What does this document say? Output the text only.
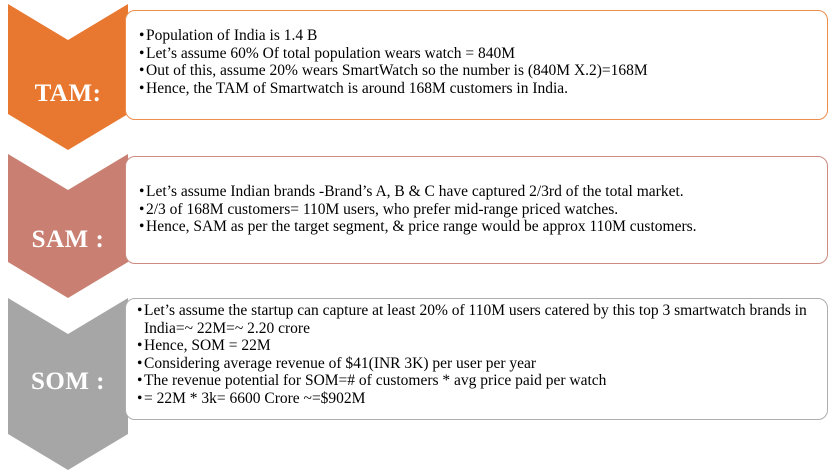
TAM:
• Population of India is 1.4 B
• Let’s assume 60% Of total population wears watch = 840M
• Out of this, assume 20% wears SmartWatch so the number is (840M X.2)=168M
• Hence, the TAM of Smartwatch is around 168M customers in India.
SAM :
• Let’s assume Indian brands -Brand’s A, B & C have captured 2/3rd of the total market.
• 2/3 of 168M customers= 110M users, who prefer mid-range priced watches.
• Hence, SAM as per the target segment, & price range would be approx 110M customers.
SOM :
• Let’s assume the startup can capture at least 20% of 110M users catered by this top 3 smartwatch brands in India=~ 22M=~ 2.20 crore
• Hence, SOM = 22M
• Considering average revenue of $41(INR 3K) per user per year
• The revenue potential for SOM=# of customers * avg price paid per watch
• = 22M * 3k= 6600 Crore ~=$902M
